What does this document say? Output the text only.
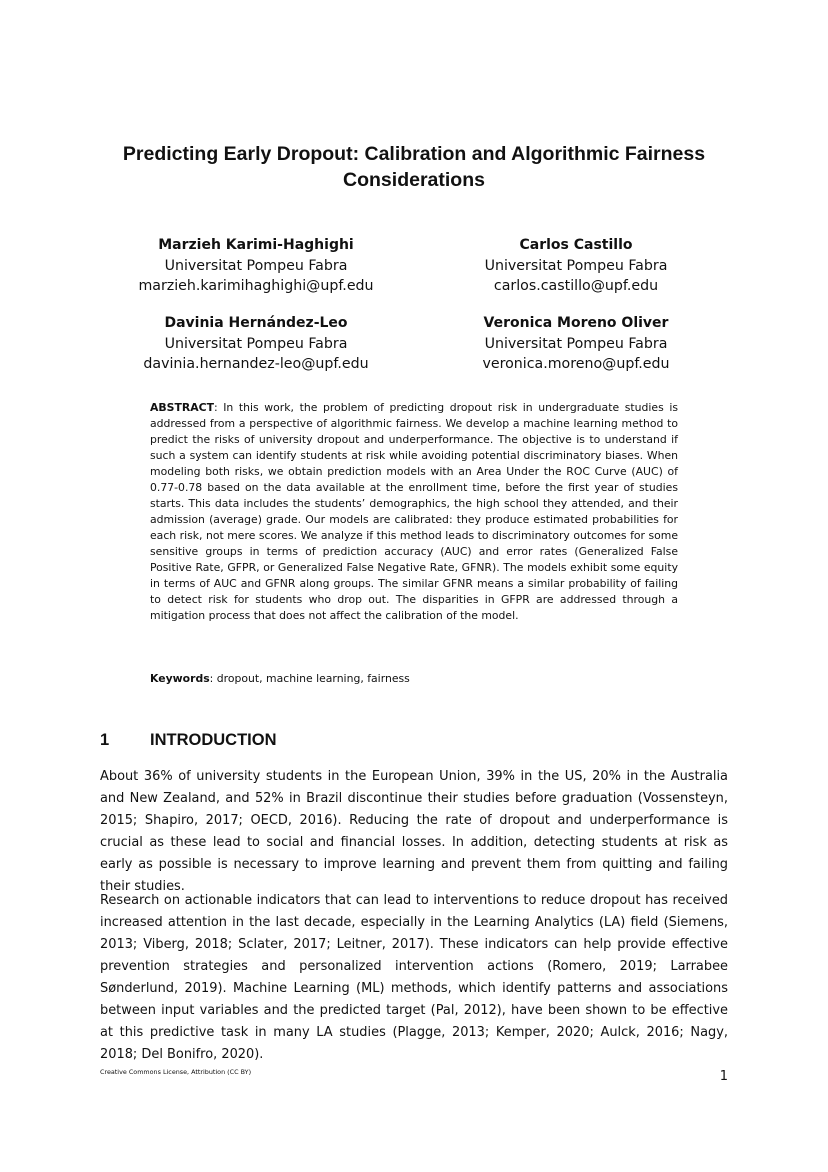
Predicting Early Dropout: Calibration and Algorithmic Fairness Considerations
Marzieh Karimi-Haghighi
Universitat Pompeu Fabra
marzieh.karimihaghighi@upf.edu
Carlos Castillo
Universitat Pompeu Fabra
carlos.castillo@upf.edu
Davinia Hernández-Leo
Universitat Pompeu Fabra
davinia.hernandez-leo@upf.edu
Veronica Moreno Oliver
Universitat Pompeu Fabra
veronica.moreno@upf.edu
ABSTRACT: In this work, the problem of predicting dropout risk in undergraduate studies is addressed from a perspective of algorithmic fairness. We develop a machine learning method to predict the risks of university dropout and underperformance. The objective is to understand if such a system can identify students at risk while avoiding potential discriminatory biases. When modeling both risks, we obtain prediction models with an Area Under the ROC Curve (AUC) of 0.77-0.78 based on the data available at the enrollment time, before the first year of studies starts. This data includes the students’ demographics, the high school they attended, and their admission (average) grade. Our models are calibrated: they produce estimated probabilities for each risk, not mere scores. We analyze if this method leads to discriminatory outcomes for some sensitive groups in terms of prediction accuracy (AUC) and error rates (Generalized False Positive Rate, GFPR, or Generalized False Negative Rate, GFNR). The models exhibit some equity in terms of AUC and GFNR along groups. The similar GFNR means a similar probability of failing to detect risk for students who drop out. The disparities in GFPR are addressed through a mitigation process that does not affect the calibration of the model.
Keywords: dropout, machine learning, fairness
1 INTRODUCTION
About 36% of university students in the European Union, 39% in the US, 20% in the Australia and New Zealand, and 52% in Brazil discontinue their studies before graduation (Vossensteyn, 2015; Shapiro, 2017; OECD, 2016). Reducing the rate of dropout and underperformance is crucial as these lead to social and financial losses. In addition, detecting students at risk as early as possible is necessary to improve learning and prevent them from quitting and failing their studies.
Research on actionable indicators that can lead to interventions to reduce dropout has received increased attention in the last decade, especially in the Learning Analytics (LA) field (Siemens, 2013; Viberg, 2018; Sclater, 2017; Leitner, 2017). These indicators can help provide effective prevention strategies and personalized intervention actions (Romero, 2019; Larrabee Sønderlund, 2019). Machine Learning (ML) methods, which identify patterns and associations between input variables and the predicted target (Pal, 2012), have been shown to be effective at this predictive task in many LA studies (Plagge, 2013; Kemper, 2020; Aulck, 2016; Nagy, 2018; Del Bonifro, 2020).
Creative Commons License, Attribution (CC BY)	1
